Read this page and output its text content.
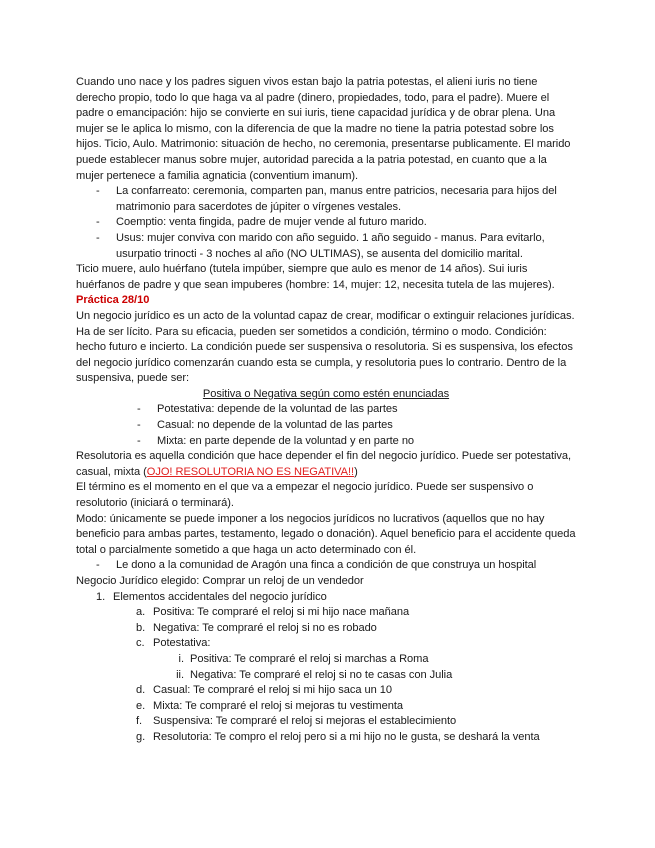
Cuando uno nace y los padres siguen vivos estan bajo la patria potestas, el alieni iuris no tiene derecho propio, todo lo que haga va al padre (dinero, propiedades, todo, para el padre). Muere el padre o emancipación: hijo se convierte en sui iuris, tiene capacidad jurídica y de obrar plena. Una mujer se le aplica lo mismo, con la diferencia de que la madre no tiene la patria potestad sobre los hijos. Ticio, Aulo. Matrimonio: situación de hecho, no ceremonia, presentarse publicamente. El marido puede establecer manus sobre mujer, autoridad parecida a la patria potestad, en cuanto que a la mujer pertenece a familia agnaticia (conventium imanum).

- La confarreato: ceremonia, comparten pan, manus entre patricios, necesaria para hijos del matrimonio para sacerdotes de júpiter o vírgenes vestales.

- Coemptio: venta fingida, padre de mujer vende al futuro marido.

- Usus: mujer conviva con marido con año seguido. 1 año seguido - manus. Para evitarlo, usurpatio trinocti - 3 noches al año (NO ULTIMAS), se ausenta del domicilio marital.

Ticio muere, aulo huérfano (tutela impúber, siempre que aulo es menor de 14 años). Sui iuris huérfanos de padre y que sean impuberes (hombre: 14, mujer: 12, necesita tutela de las mujeres).

Práctica 28/10

Un negocio jurídico es un acto de la voluntad capaz de crear, modificar o extinguir relaciones jurídicas. Ha de ser lícito. Para su eficacia, pueden ser sometidos a condición, término o modo. Condición: hecho futuro e incierto. La condición puede ser suspensiva o resolutoria. Si es suspensiva, los efectos del negocio jurídico comenzarán cuando esta se cumpla, y resolutoria pues lo contrario. Dentro de la suspensiva, puede ser:

Positiva o Negativa según como estén enunciadas

- Potestativa: depende de la voluntad de las partes

- Casual: no depende de la voluntad de las partes

- Mixta: en parte depende de la voluntad y en parte no

Resolutoria es aquella condición que hace depender el fin del negocio jurídico. Puede ser potestativa, casual, mixta (OJO! RESOLUTORIA NO ES NEGATIVA!!)

El término es el momento en el que va a empezar el negocio jurídico. Puede ser suspensivo o resolutorio (iniciará o terminará).

Modo: únicamente se puede imponer a los negocios jurídicos no lucrativos (aquellos que no hay beneficio para ambas partes, testamento, legado o donación). Aquel beneficio para el accidente queda total o parcialmente sometido a que haga un acto determinado con él.

- Le dono a la comunidad de Aragón una finca a condición de que construya un hospital

Negocio Jurídico elegido: Comprar un reloj de un vendedor

1. Elementos accidentales del negocio jurídico

a. Positiva: Te compraré el reloj si mi hijo nace mañana

b. Negativa: Te compraré el reloj si no es robado

c. Potestativa:

i. Positiva: Te compraré el reloj si marchas a Roma

ii. Negativa: Te compraré el reloj si no te casas con Julia

d. Casual: Te compraré el reloj si mi hijo saca un 10

e. Mixta: Te compraré el reloj si mejoras tu vestimenta

f. Suspensiva: Te compraré el reloj si mejoras el establecimiento

g. Resolutoria: Te compro el reloj pero si a mi hijo no le gusta, se deshará la venta
